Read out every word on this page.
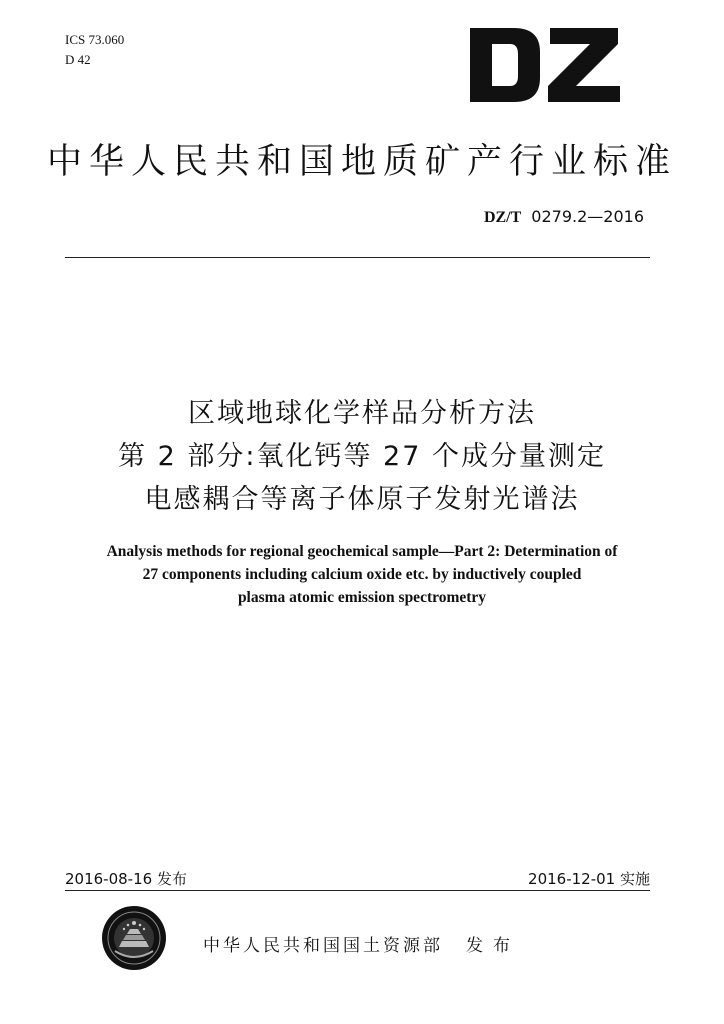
ICS 73.060
D 42
中华人民共和国地质矿产行业标准
DZ/T 0279.2—2016
区域地球化学样品分析方法
第 2 部分:氧化钙等 27 个成分量测定
电感耦合等离子体原子发射光谱法
Analysis methods for regional geochemical sample—Part 2: Determination of
27 components including calcium oxide etc. by inductively coupled
plasma atomic emission spectrometry
2016-08-16 发布	2016-12-01 实施
中华人民共和国国土资源部 发布
